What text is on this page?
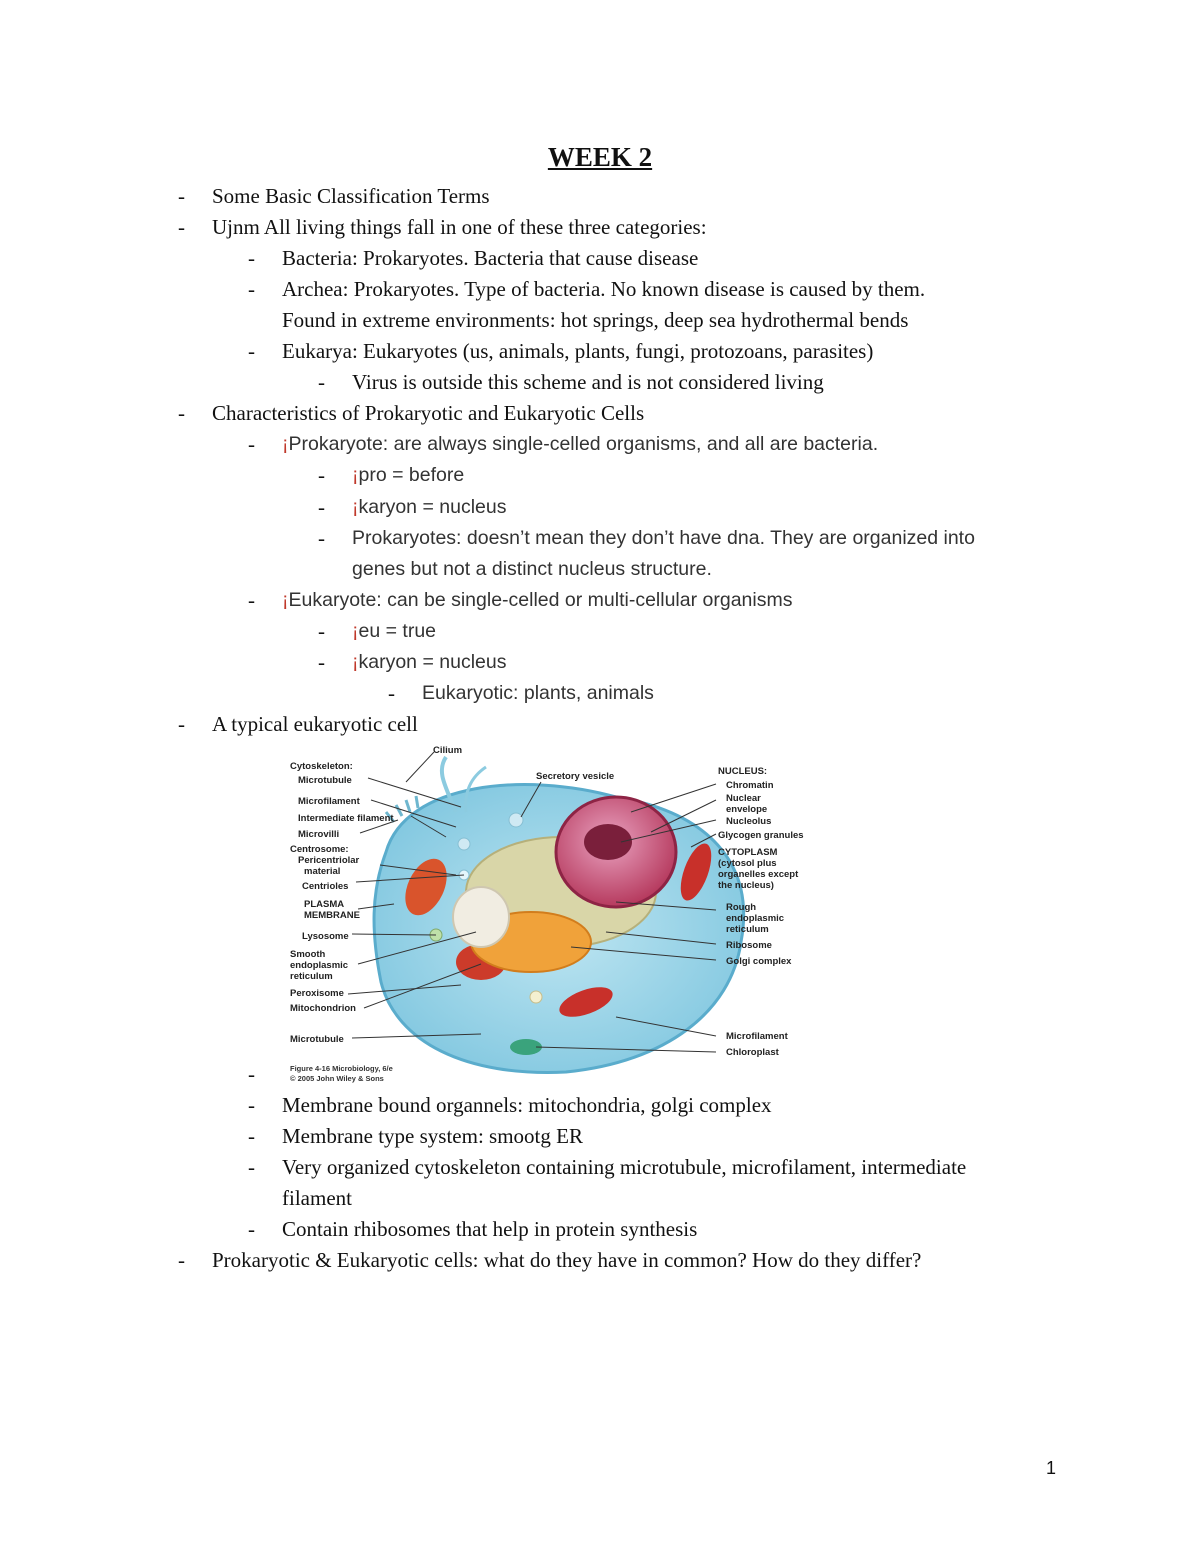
WEEK 2
- Some Basic Classification Terms
- Ujnm All living things fall in one of these three categories:
- Bacteria: Prokaryotes. Bacteria that cause disease
- Archea: Prokaryotes. Type of bacteria. No known disease is caused by them.
Found in extreme environments: hot springs, deep sea hydrothermal bends
- Eukarya: Eukaryotes (us, animals, plants, fungi, protozoans, parasites)
- Virus is outside this scheme and is not considered living
- Characteristics of Prokaryotic and Eukaryotic Cells
- ¡Prokaryote: are always single-celled organisms, and all are bacteria.
- ¡pro = before
- ¡karyon = nucleus
- Prokaryotes: doesn’t mean they don’t have dna. They are organized into
genes but not a distinct nucleus structure.
- ¡Eukaryote: can be single-celled or multi-cellular organisms
- ¡eu = true
- ¡karyon = nucleus
- Eukaryotic: plants, animals
- A typical eukaryotic cell
-
- Membrane bound organnels: mitochondria, golgi complex
- Membrane type system: smootg ER
- Very organized cytoskeleton containing microtubule, microfilament, intermediate
filament
- Contain rhibosomes that help in protein synthesis
- Prokaryotic & Eukaryotic cells: what do they have in common? How do they differ?
Cytoskeleton:
Microtubule
Microfilament
Intermediate filament
Microvilli
Centrosome:
Pericentriolar
material
Centrioles
PLASMA
MEMBRANE
Lysosome
Smooth
endoplasmic
reticulum
Peroxisome
Mitochondrion
Microtubule
Cilium
Secretory vesicle	NUCLEUS:
Chromatin
Nuclear
envelope
Nucleolus
Glycogen granules
CYTOPLASM
(cytosol plus
organelles except
the nucleus)
Rough
endoplasmic
reticulum
Ribosome
Golgi complex
Microfilament
Chloroplast
Figure 4-16 Microbiology, 6/e
© 2005 John Wiley & Sons
1
